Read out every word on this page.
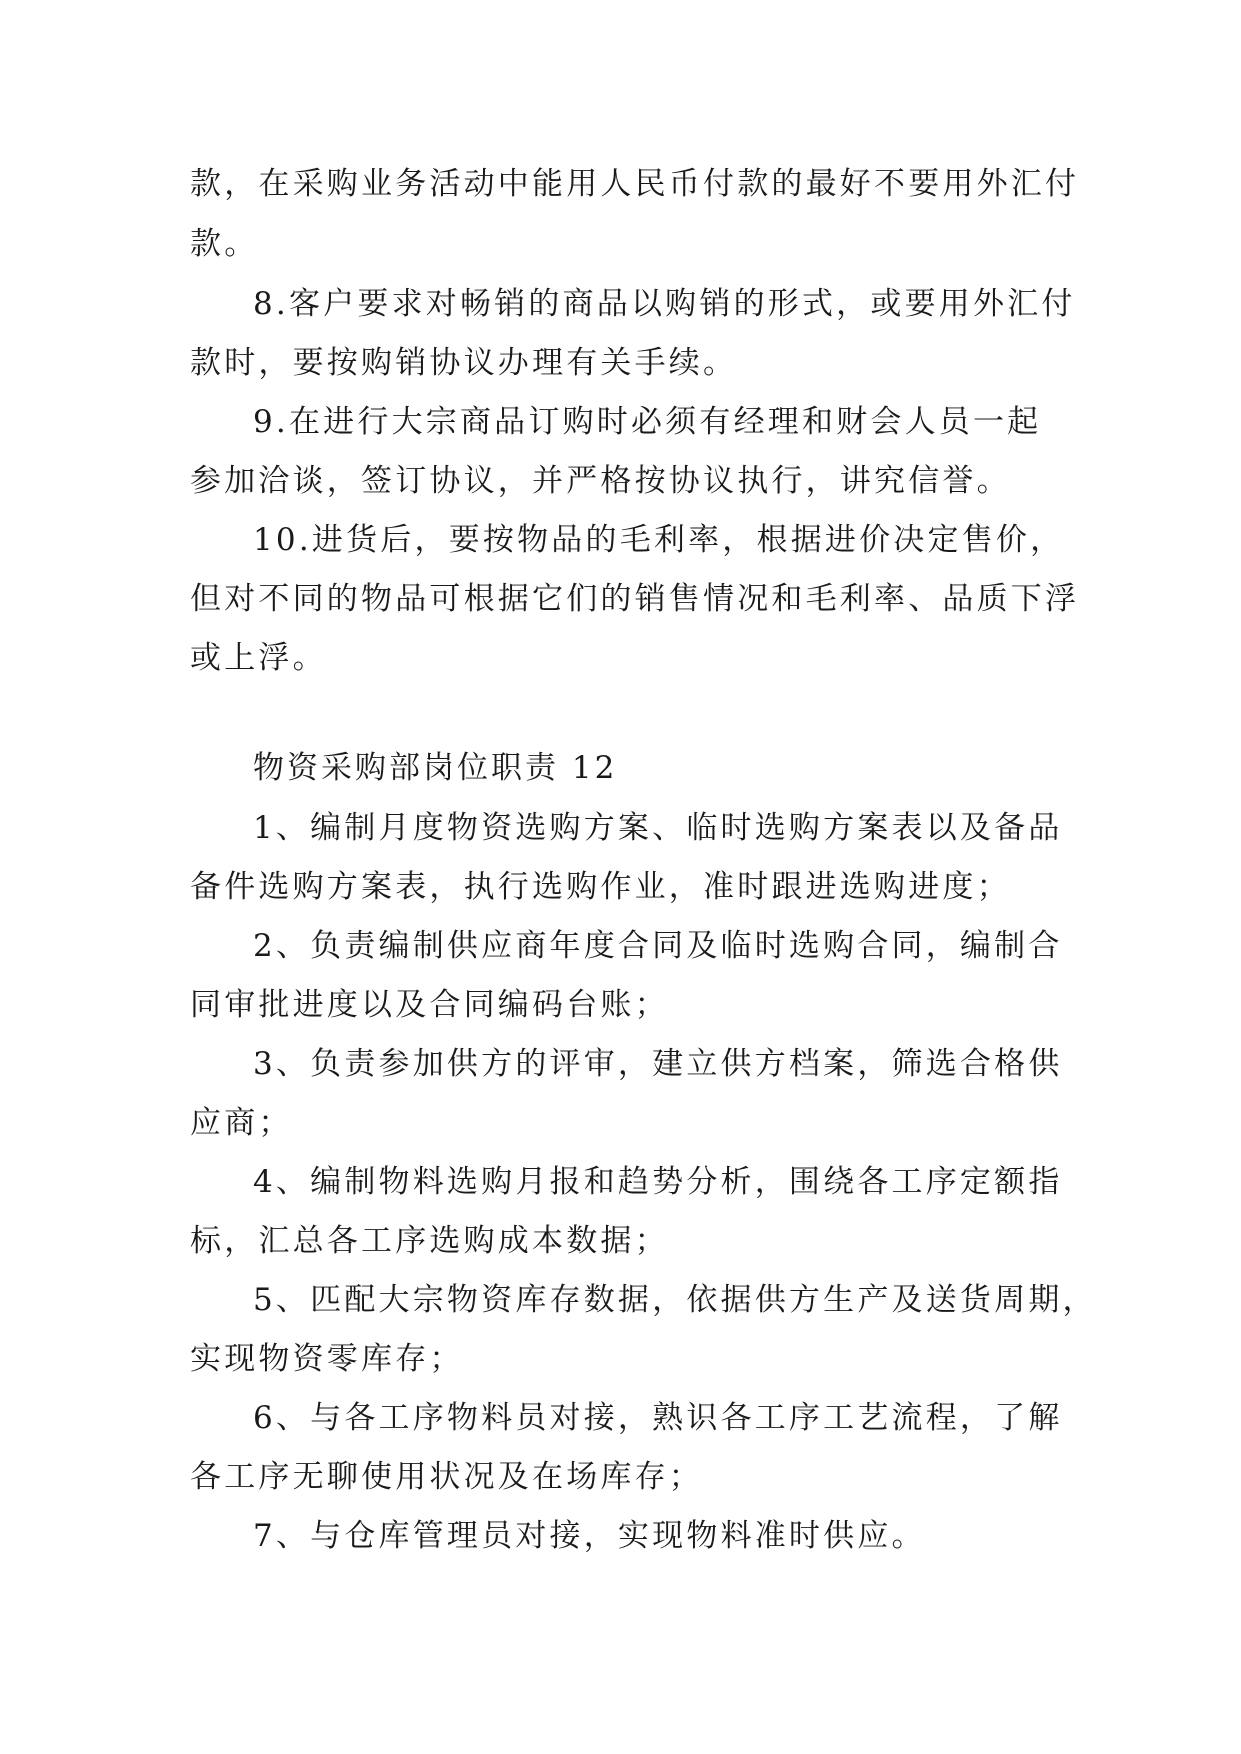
款，在采购业务活动中能用人民币付款的最好不要用外汇付
款。
8.客户要求对畅销的商品以购销的形式，或要用外汇付
款时，要按购销协议办理有关手续。
9.在进行大宗商品订购时必须有经理和财会人员一起
参加洽谈，签订协议，并严格按协议执行，讲究信誉。
10.进货后，要按物品的毛利率，根据进价决定售价，
但对不同的物品可根据它们的销售情况和毛利率、品质下浮
或上浮。
物资采购部岗位职责 12
1、编制月度物资选购方案、临时选购方案表以及备品
备件选购方案表，执行选购作业，准时跟进选购进度；
2、负责编制供应商年度合同及临时选购合同，编制合
同审批进度以及合同编码台账；
3、负责参加供方的评审，建立供方档案，筛选合格供
应商；
4、编制物料选购月报和趋势分析，围绕各工序定额指
标，汇总各工序选购成本数据；
5、匹配大宗物资库存数据，依据供方生产及送货周期，
实现物资零库存；
6、与各工序物料员对接，熟识各工序工艺流程，了解
各工序无聊使用状况及在场库存；
7、与仓库管理员对接，实现物料准时供应。
